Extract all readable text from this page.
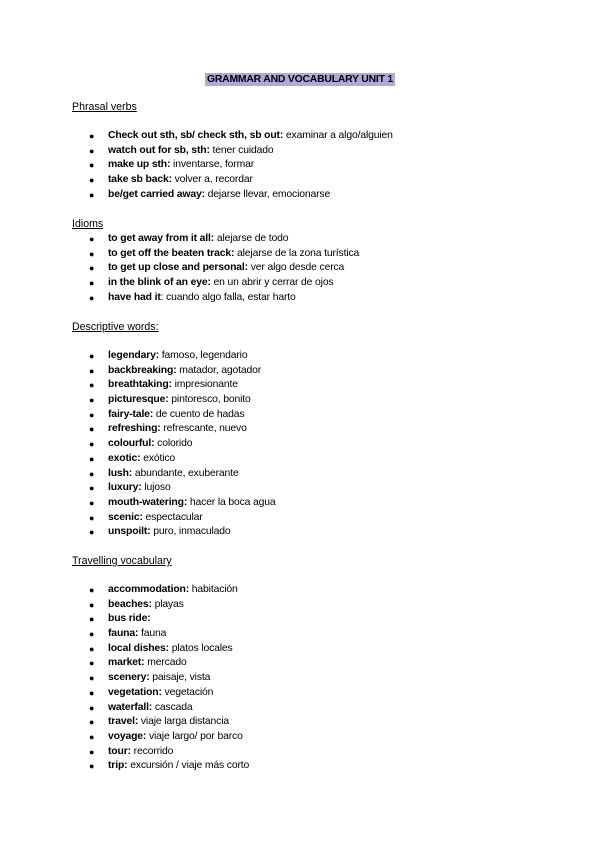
GRAMMAR AND VOCABULARY UNIT 1
Phrasal verbs
● Check out sth, sb/ check sth, sb out: examinar a algo/alguien
● watch out for sb, sth: tener cuidado
● make up sth: inventarse, formar
● take sb back: volver a, recordar
● be/get carried away: dejarse llevar, emocionarse
Idioms
● to get away from it all: alejarse de todo
● to get off the beaten track: alejarse de la zona turística
● to get up close and personal: ver algo desde cerca
● in the blink of an eye: en un abrir y cerrar de ojos
● have had it: cuando algo falla, estar harto
Descriptive words:
● legendary: famoso, legendario
● backbreaking: matador, agotador
● breathtaking: impresionante
● picturesque: pintoresco, bonito
● fairy-tale: de cuento de hadas
● refreshing: refrescante, nuevo
● colourful: colorido
● exotic: exótico
● lush: abundante, exuberante
● luxury: lujoso
● mouth-watering: hacer la boca agua
● scenic: espectacular
● unspoilt: puro, inmaculado
Travelling vocabulary
● accommodation: habitación
● beaches: playas
● bus ride:
● fauna: fauna
● local dishes: platos locales
● market: mercado
● scenery: paisaje, vista
● vegetation: vegetación
● waterfall: cascada
● travel: viaje larga distancia
● voyage: viaje largo/ por barco
● tour: recorrido
● trip: excursión / viaje más corto
